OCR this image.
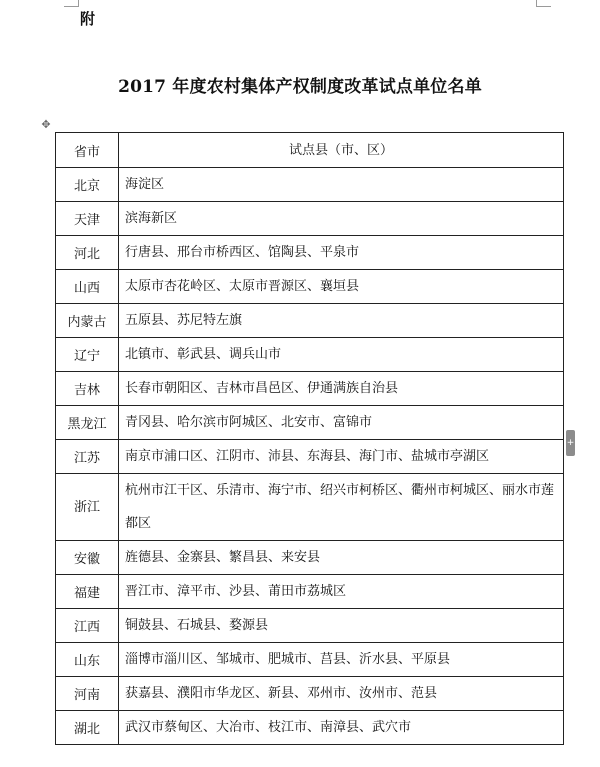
附
2017 年度农村集体产权制度改革试点单位名单
✥
+
省市	试点县（市、区）
北京	海淀区
天津	滨海新区
河北	行唐县、邢台市桥西区、馆陶县、平泉市
山西	太原市杏花岭区、太原市晋源区、襄垣县
内蒙古	五原县、苏尼特左旗
辽宁	北镇市、彰武县、调兵山市
吉林	长春市朝阳区、吉林市昌邑区、伊通满族自治县
黑龙江	青冈县、哈尔滨市阿城区、北安市、富锦市
江苏	南京市浦口区、江阴市、沛县、东海县、海门市、盐城市亭湖区
浙江	杭州市江干区、乐清市、海宁市、绍兴市柯桥区、衢州市柯城区、丽水市莲都区
安徽	旌德县、金寨县、繁昌县、来安县
福建	晋江市、漳平市、沙县、莆田市荔城区
江西	铜鼓县、石城县、婺源县
山东	淄博市淄川区、邹城市、肥城市、莒县、沂水县、平原县
河南	获嘉县、濮阳市华龙区、新县、邓州市、汝州市、范县
湖北	武汉市蔡甸区、大冶市、枝江市、南漳县、武穴市
